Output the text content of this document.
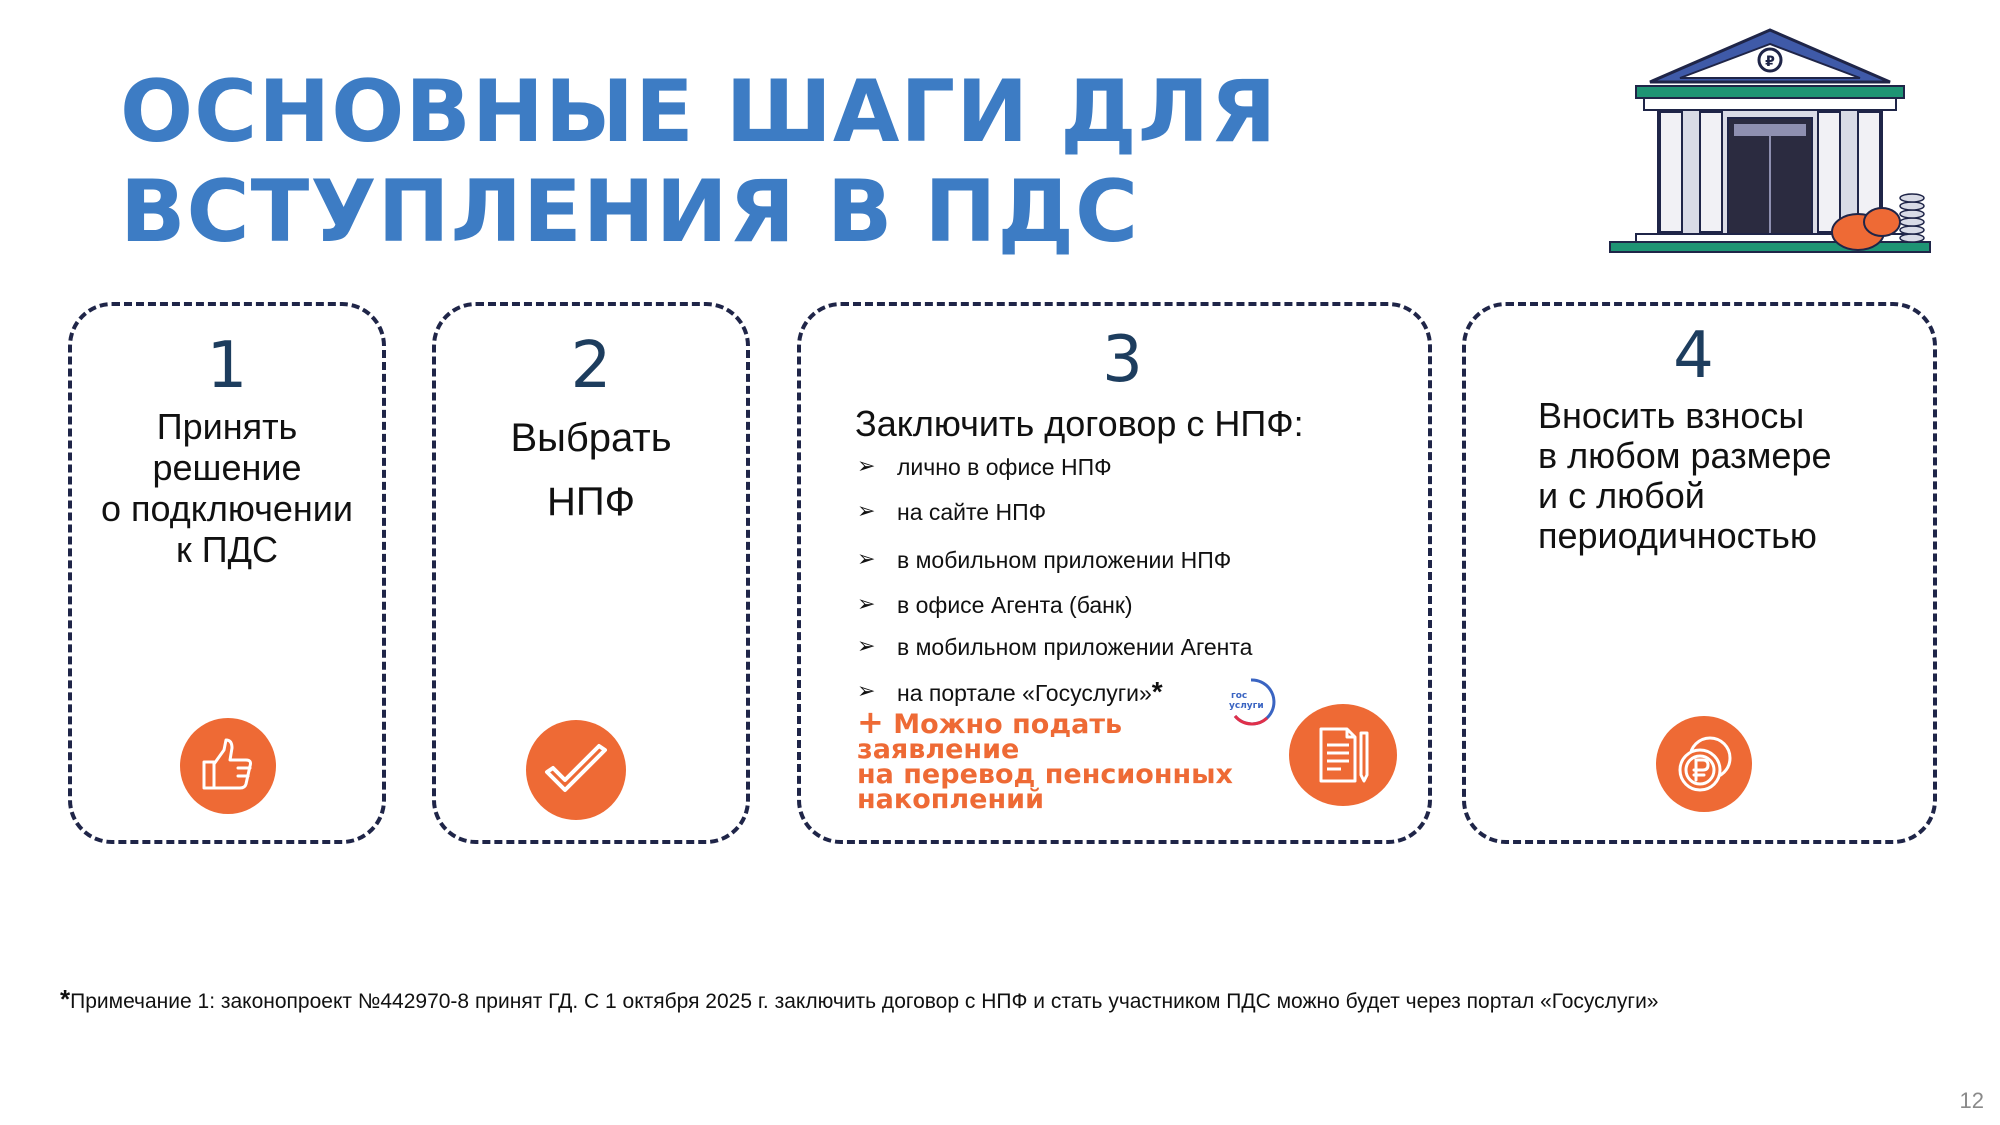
ОСНОВНЫЕ ШАГИ ДЛЯ
ВСТУПЛЕНИЯ В ПДС
₽
1
Принять
решение
о подключении
к ПДС
2
Выбрать
НПФ
3
Заключить договор с НПФ:
➢ лично в офисе НПФ
➢ на сайте НПФ
➢ в мобильном приложении НПФ
➢ в офисе Агента (банк)
➢ в мобильном приложении Агента
➢ на портале «Госуслуги»*
+ Можно подать
заявление
на перевод пенсионных
накоплений
гос
услуги
4
Вносить взносы
в любом размере
и с любой
периодичностью
*Примечание 1: законопроект №442970-8 принят ГД. С 1 октября 2025 г. заключить договор с НПФ и стать участником ПДС можно будет через портал «Госуслуги»
12
